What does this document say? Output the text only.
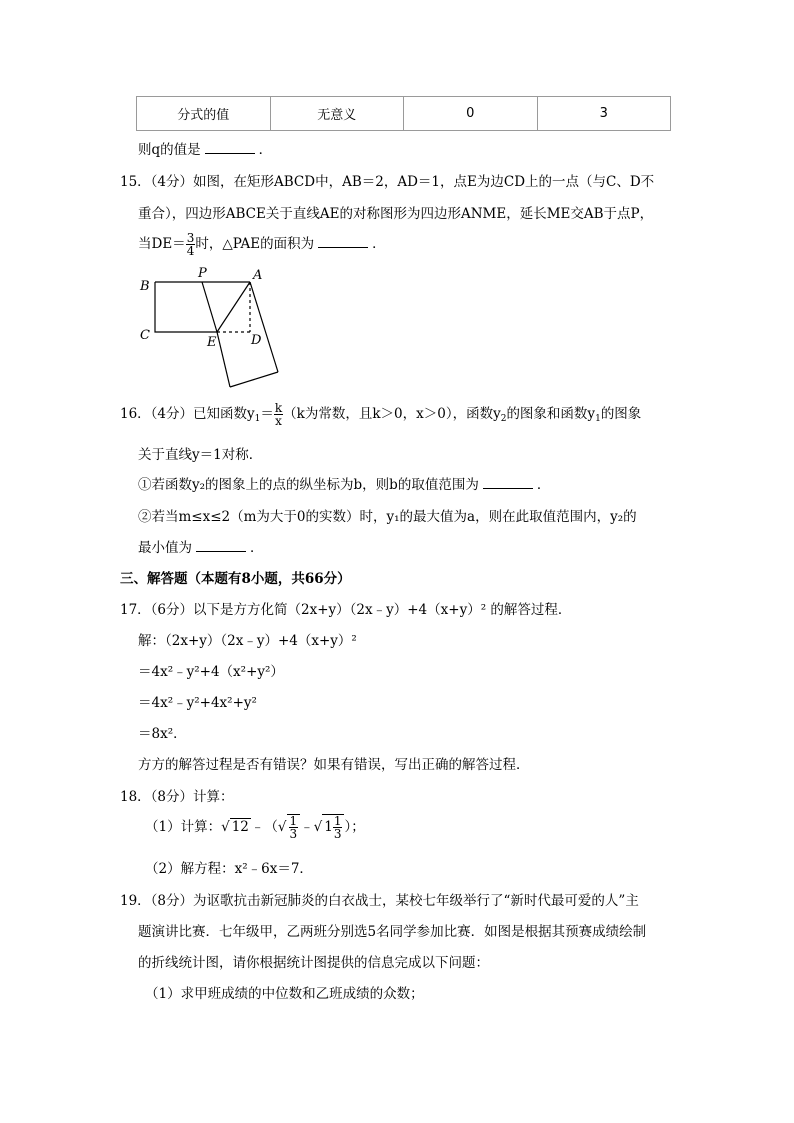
分式的值	无意义	0	3
则q的值是	．
15．（4分）如图，在矩形ABCD中，AB＝2，AD＝1，点E为边CD上的一点（与C、D不
重合），四边形ABCE关于直线AE的对称图形为四边形ANME，延长ME交AB于点P，
当$DE= \frac{3}{4}$ 时，△PAE的面积为	．
B
P	A
C	E	D
16．（4分）已知函数$y_1= \frac{k}{x} (k$为常数，且k＞0，x＞0），函数$y_2$的图象和函数$y_1$的图象
关于直线y＝1对称．
①若函数y₂的图象上的点的纵坐标为b，则b的取值范围为	．
②若当m≤x≤2（m为大于0的实数）时，y₁的最大值为a，则在此取值范围内，y₂的
最小值为	．
三、解答题（本题有8小题，共66分）
17．（6分）以下是方方化简（2x+y）（2x﹣y）+4（x+y）² 的解答过程．
解：（2x+y）（2x﹣y）+4（x+y）²
＝4x²﹣y²+4（x²+y²）
＝4x²﹣y²+4x²+y²
＝8x²．
方方的解答过程是否有错误？如果有错误，写出正确的解答过程．
18．（8分）计算：
（1）计算：√ 12 ﹣（√ $\frac{1}{3}$ ﹣√ $1 \frac{1}{3}$ ）；
（2）解方程：x²﹣6x＝7．
19．（8分）为讴歌抗击新冠肺炎的白衣战士，某校七年级举行了“新时代最可爱的人”主
题演讲比赛．七年级甲，乙两班分别选5名同学参加比赛．如图是根据其预赛成绩绘制
的折线统计图，请你根据统计图提供的信息完成以下问题：
（1）求甲班成绩的中位数和乙班成绩的众数；
